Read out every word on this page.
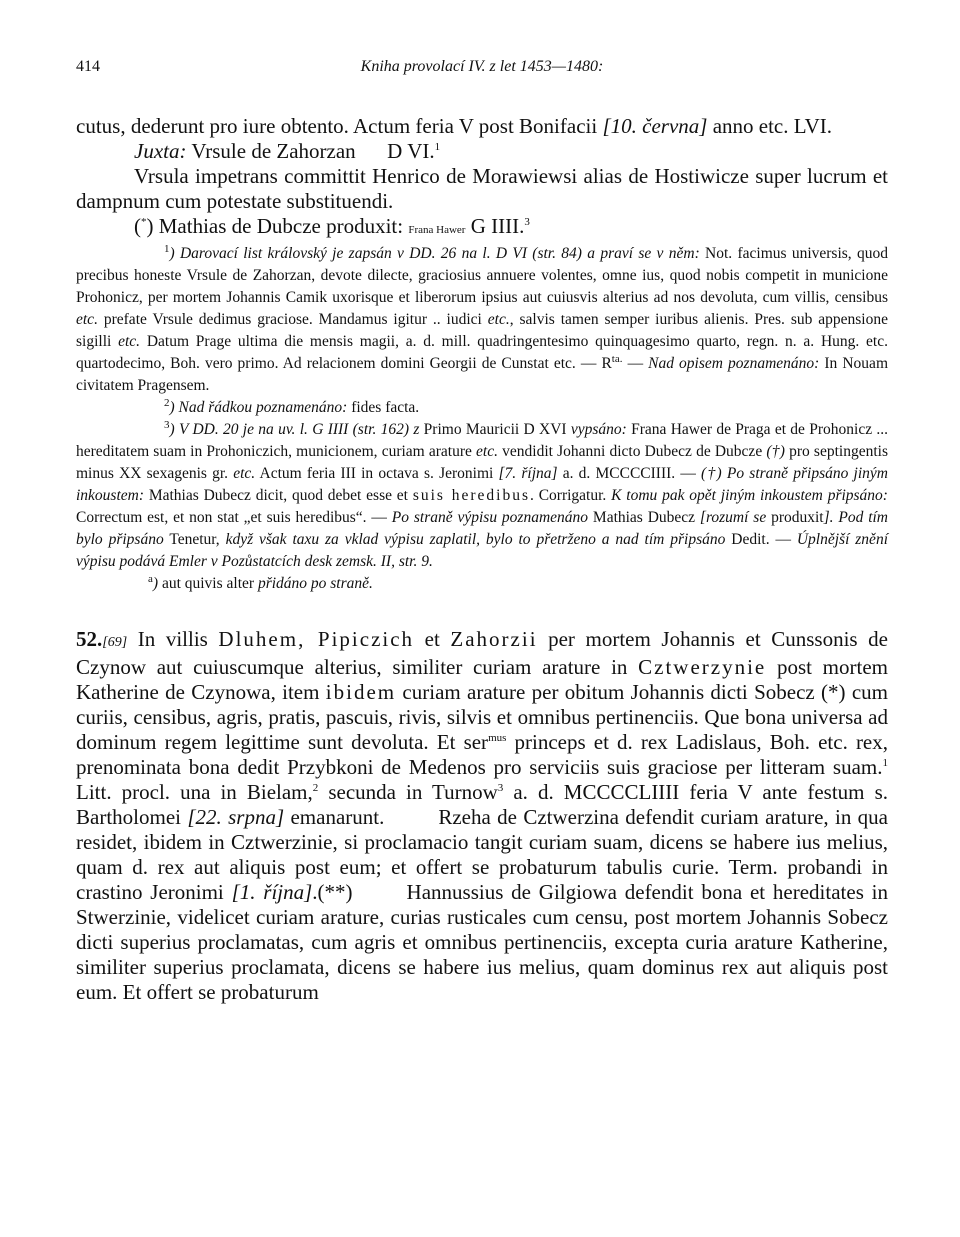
414	Kniha provolací IV. z let 1453—1480:

cutus, dederunt pro iure obtento. Actum feria V post Bonifacii [10. června] anno etc. LVI.

Juxta: Vrsule de Zahorzan      D VI.$^1$

Vrsula impetrans committit Henrico de Morawiewsi alias de Hostiwicze super lucrum et dampnum cum potestate substituendi.

(*) Mathias de Dubcze produxit: Frana Hawer G IIII.$^3$

$^1$) Darovací list královský je zapsán v DD. 26 na l. D VI (str. 84) a praví se v něm: Not. facimus universis, quod precibus honeste Vrsule de Zahorzan, devote dilecte, graciosius annuere volentes, omne ius, quod nobis competit in municione Prohonicz, per mortem Johannis Camik uxorisque et liberorum ipsius aut cuiusvis alterius ad nos devoluta, cum villis, censibus etc. prefate Vrsule dedimus graciose. Mandamus igitur .. iudici etc., salvis tamen semper iuribus alienis. Pres. sub appensione sigilli etc. Datum Prage ultima die mensis magii, a. d. mill. quadringentesimo quinquagesimo quarto, regn. n. a. Hung. etc. quartodecimo, Boh. vero primo. Ad relacionem domini Georgii de Cunstat etc. — $R^{ta.}$ — Nad opisem poznamenáno: In Nouam civitatem Pragensem.

$^2$) Nad řádkou poznamenáno: fides facta.

$^3$) V DD. 20 je na uv. l. G IIII (str. 162) z Primo Mauricii D XVI vypsáno: Frana Hawer de Praga et de Prohonicz ... hereditatem suam in Prohoniczich, municionem, curiam arature etc. vendidit Johanni dicto Dubecz de Dubcze (†) pro septingentis minus XX sexagenis gr. etc. Actum feria III in octava s. Jeronimi [7. října] a. d. MCCCCIIII. — (†) Po straně připsáno jiným inkoustem: Mathias Dubecz dicit, quod debet esse et suis heredibus. Corrigatur. K tomu pak opět jiným inkoustem připsáno: Correctum est, et non stat „et suis heredibus“. — Po straně výpisu poznamenáno Mathias Dubecz [rozumí se produxit]. Pod tím bylo připsáno Tenetur, když však taxu za vklad výpisu zaplatil, bylo to přetrženo a nad tím připsáno Dedit. — Úplnější znění výpisu podává Emler v Pozůstatcích desk zemsk. II, str. 9.

$^a$) aut quivis alter přidáno po straně.

52.[69] In villis Dluhem, Pipiczich et Zahorzii per mortem Johannis et Cunssonis de Czynow aut cuiuscumque alterius, similiter curiam arature in Cztwerzynie post mortem Katherine de Czynowa, item ibidem curiam arature per obitum Johannis dicti Sobecz (*) cum curiis, censibus, agris, pratis, pascuis, rivis, silvis et omnibus pertinenciis. Que bona universa ad dominum regem legittime sunt devoluta. Et ser$^{mus}$ princeps et d. rex Ladislaus, Boh. etc. rex, prenominata bona dedit Przybkoni de Medenos pro serviciis suis graciose per litteram suam.$^1$ Litt. procl. una in Bielam,$^2$ secunda in Turnow$^3$ a. d. MCCCCLIIII feria V ante festum s. Bartholomei [22. srpna] emanarunt.	Rzeha de Cztwerzina defendit curiam arature, in qua residet, ibidem in Cztwerzinie, si proclamacio tangit curiam suam, dicens se habere ius melius, quam d. rex aut aliquis post eum; et offert se probaturum tabulis curie. Term. probandi in crastino Jeronimi [1. října].(**)	Hannussius de Gilgiowa defendit bona et hereditates in Stwerzinie, videlicet curiam arature, curias rusticales cum censu, post mortem Johannis Sobecz dicti superius proclamatas, cum agris et omnibus pertinenciis, excepta curia arature Katherine, similiter superius proclamata, dicens se habere ius melius, quam dominus rex aut aliquis post eum. Et offert se probaturum
